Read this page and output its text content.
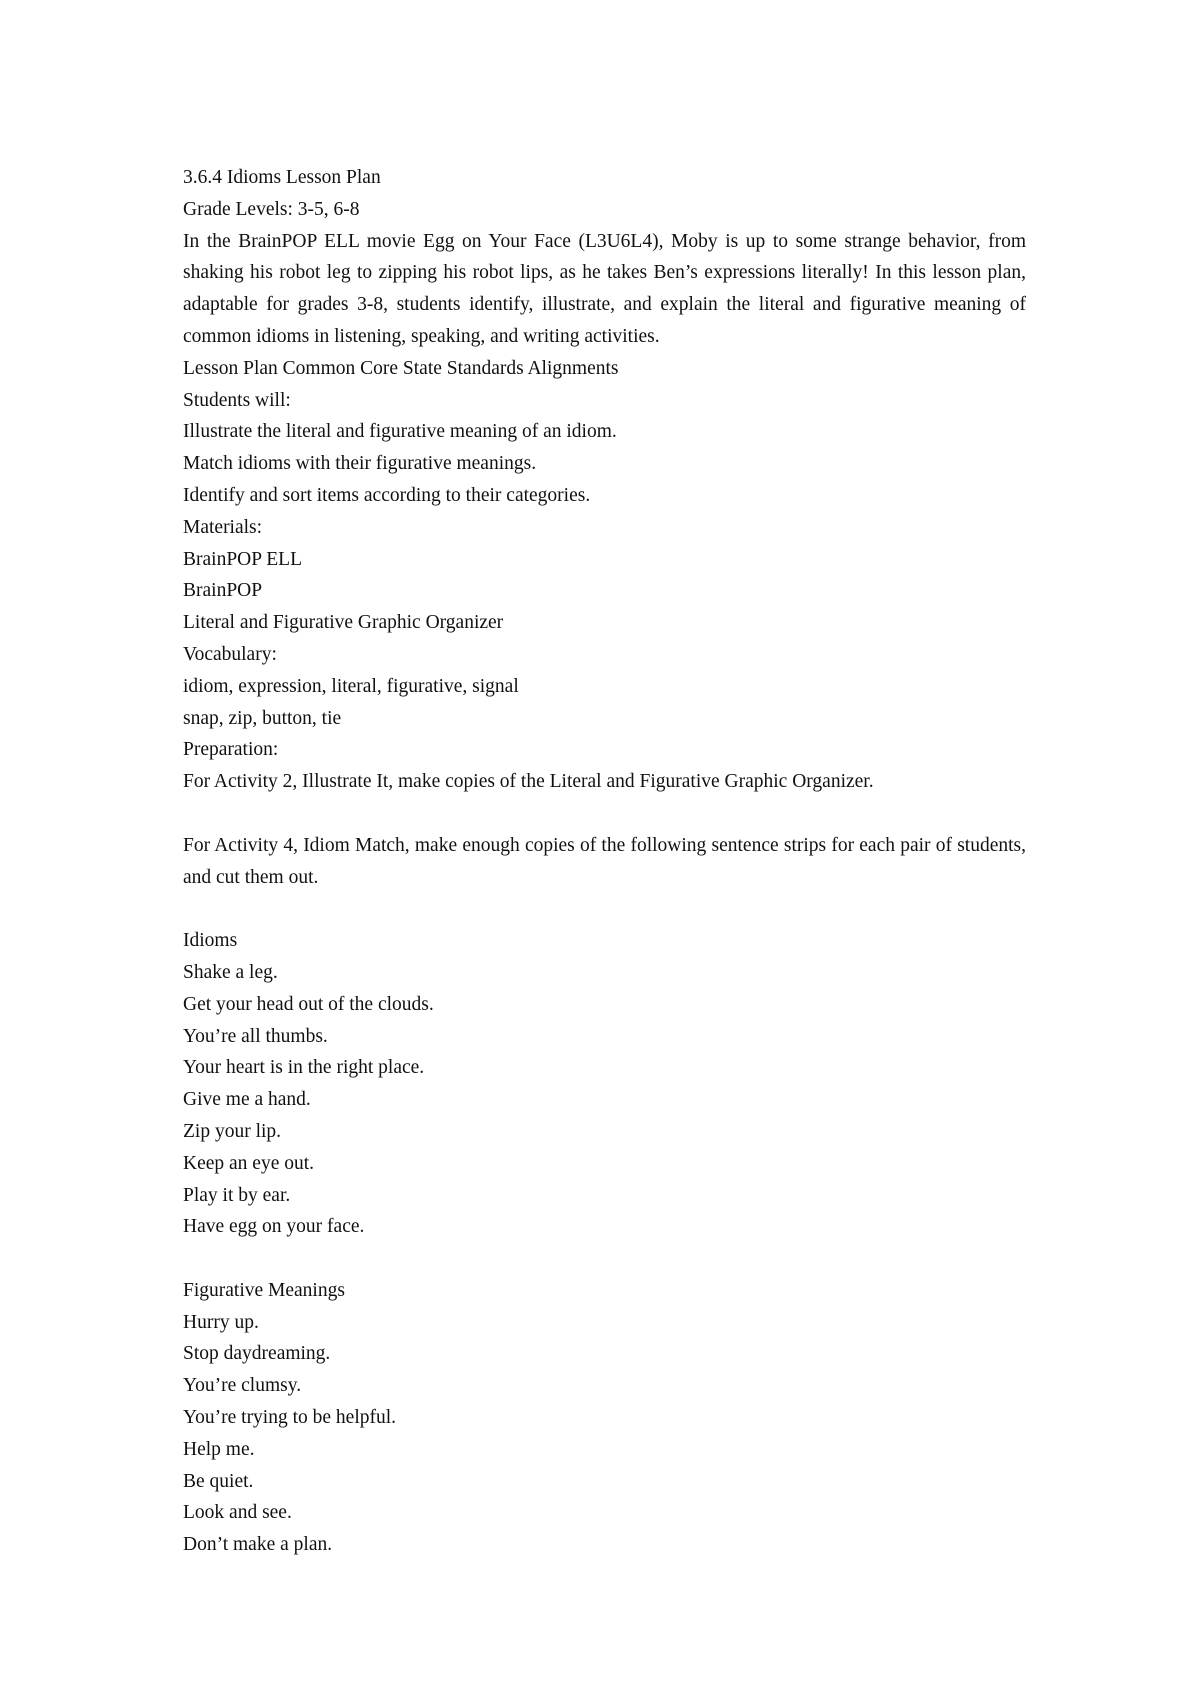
3.6.4 Idioms Lesson Plan
Grade Levels: 3-5, 6-8
In the BrainPOP ELL movie Egg on Your Face (L3U6L4), Moby is up to some strange behavior, from shaking his robot leg to zipping his robot lips, as he takes Ben’s expressions literally! In this lesson plan, adaptable for grades 3-8, students identify, illustrate, and explain the literal and figurative meaning of common idioms in listening, speaking, and writing activities.
Lesson Plan Common Core State Standards Alignments
Students will:
Illustrate the literal and figurative meaning of an idiom.
Match idioms with their figurative meanings.
Identify and sort items according to their categories.
Materials:
BrainPOP ELL
BrainPOP
Literal and Figurative Graphic Organizer
Vocabulary:
idiom, expression, literal, figurative, signal
snap, zip, button, tie
Preparation:
For Activity 2, Illustrate It, make copies of the Literal and Figurative Graphic Organizer.
For Activity 4, Idiom Match, make enough copies of the following sentence strips for each pair of students, and cut them out.
Idioms
Shake a leg.
Get your head out of the clouds.
You’re all thumbs.
Your heart is in the right place.
Give me a hand.
Zip your lip.
Keep an eye out.
Play it by ear.
Have egg on your face.
Figurative Meanings
Hurry up.
Stop daydreaming.
You’re clumsy.
You’re trying to be helpful.
Help me.
Be quiet.
Look and see.
Don’t make a plan.
